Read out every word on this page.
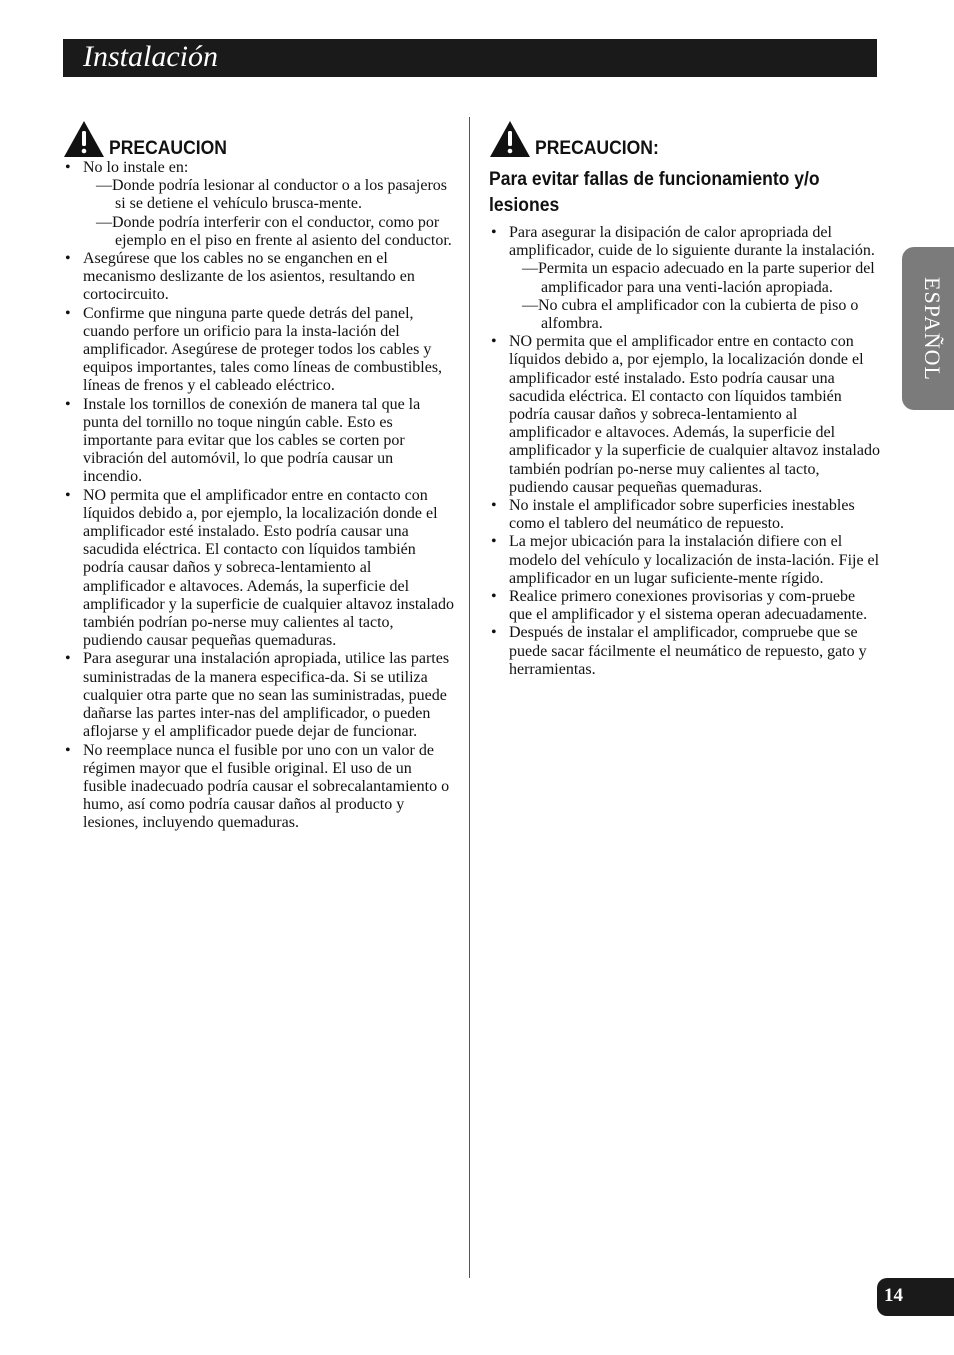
Instalación
PRECAUCION
• No lo instale en:
—Donde podría lesionar al conductor o a los pasajeros si se detiene el vehículo brusca-mente.
—Donde podría interferir con el conductor, como por ejemplo en el piso en frente al asiento del conductor.
• Asegúrese que los cables no se enganchen en el mecanismo deslizante de los asientos, resultando en cortocircuito.
• Confirme que ninguna parte quede detrás del panel, cuando perfore un orificio para la insta-lación del amplificador. Asegúrese de proteger todos los cables y equipos importantes, tales como líneas de combustibles, líneas de frenos y el cableado eléctrico.
• Instale los tornillos de conexión de manera tal que la punta del tornillo no toque ningún cable. Esto es importante para evitar que los cables se corten por vibración del automóvil, lo que podría causar un incendio.
• NO permita que el amplificador entre en contacto con líquidos debido a, por ejemplo, la localización donde el amplificador esté instalado. Esto podría causar una sacudida eléctrica. El contacto con líquidos también podría causar daños y sobreca-lentamiento al amplificador e altavoces. Además, la superficie del amplificador y la superficie de cualquier altavoz instalado también podrían po-nerse muy calientes al tacto, pudiendo causar pequeñas quemaduras.
• Para asegurar una instalación apropiada, utilice las partes suministradas de la manera especifica-da. Si se utiliza cualquier otra parte que no sean las suministradas, puede dañarse las partes inter-nas del amplificador, o pueden aflojarse y el amplificador puede dejar de funcionar.
• No reemplace nunca el fusible por uno con un valor de régimen mayor que el fusible original. El uso de un fusible inadecuado podría causar el sobrecalantamiento o humo, así como podría causar daños al producto y lesiones, incluyendo quemaduras.
PRECAUCION:
Para evitar fallas de funcionamiento y/o lesiones
• Para asegurar la disipación de calor apropriada del amplificador, cuide de lo siguiente durante la instalación.
—Permita un espacio adecuado en la parte superior del amplificador para una venti-lación apropiada.
—No cubra el amplificador con la cubierta de piso o alfombra.
• NO permita que el amplificador entre en contacto con líquidos debido a, por ejemplo, la localización donde el amplificador esté instalado. Esto podría causar una sacudida eléctrica. El contacto con líquidos también podría causar daños y sobreca-lentamiento al amplificador e altavoces. Además, la superficie del amplificador y la superficie de cualquier altavoz instalado también podrían po-nerse muy calientes al tacto, pudiendo causar pequeñas quemaduras.
• No instale el amplificador sobre superficies inestables como el tablero del neumático de repuesto.
• La mejor ubicación para la instalación difiere con el modelo del vehículo y localización de insta-lación. Fije el amplificador en un lugar suficiente-mente rígido.
• Realice primero conexiones provisorias y com-pruebe que el amplificador y el sistema operan adecuadamente.
• Después de instalar el amplificador, compruebe que se puede sacar fácilmente el neumático de repuesto, gato y herramientas.
ESPAÑOL
14
